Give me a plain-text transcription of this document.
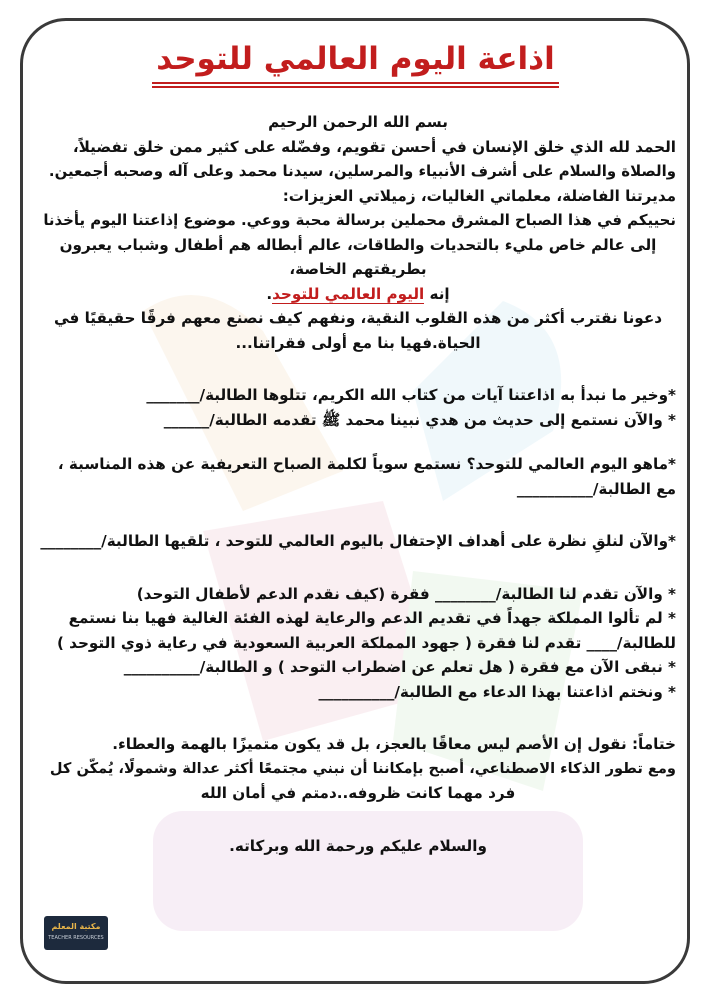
اذاعة اليوم العالمي للتوحد
بسم الله الرحمن الرحيم
الحمد لله الذي خلق الإنسان في أحسن تقويم، وفضّله على كثير ممن خلق تفضيلاً،
والصلاة والسلام على أشرف الأنبياء والمرسلين، سيدنا محمد وعلى آله وصحبه أجمعين.
مديرتنا الفاضلة، معلماتي الغاليات، زميلاتي العزيزات:
نحييكم في هذا الصباح المشرق محملين برسالة محبة ووعي. موضوع إذاعتنا اليوم يأخذنا
إلى عالم خاص مليء بالتحديات والطاقات، عالم أبطاله هم أطفال وشباب يعبرون
بطريقتهم الخاصة،
إنه اليوم العالمي للتوحد.
دعونا نقترب أكثر من هذه القلوب النقية، ونفهم كيف نصنع معهم فرقًا حقيقيًا في
الحياة.فهيا بنا مع أولى فقراتنا...
*وخير ما نبدأ به اذاعتنا آيات من كتاب الله الكريم، تتلوها الطالبة/_______
* والآن نستمع إلى حديث من هدي نبينا محمد ﷺ تقدمه الطالبة/______
*ماهو اليوم العالمي للتوحد؟ نستمع سوياً لكلمة الصباح التعريفية عن هذه المناسبة ،
مع الطالبة/__________
*والآن لنلقِ نظرة على أهداف الإحتفال باليوم العالمي للتوحد ، تلقيها الطالبة/________
* والآن تقدم لنا الطالبة/________ فقرة (كيف نقدم الدعم لأطفال التوحد)
* لم تألوا المملكة جهداً في تقديم الدعم والرعاية لهذه الفئة الغالية فهيا بنا نستمع
للطالبة/____ تقدم لنا فقرة ( جهود المملكة العربية السعودية في رعاية ذوي التوحد )
* نبقى الآن مع فقرة ( هل تعلم عن اضطراب التوحد ) و الطالبة/__________
* ونختم اذاعتنا بهذا الدعاء مع الطالبة/__________
ختاماً: نقول إن الأصم ليس معاقًا بالعجز، بل قد يكون متميزًا بالهمة والعطاء.
ومع تطور الذكاء الاصطناعي، أصبح بإمكاننا أن نبني مجتمعًا أكثر عدالة وشمولًا، يُمكّن كل
فرد مهما كانت ظروفه..دمتم في أمان الله
والسلام عليكم ورحمة الله وبركاته.
مكتبة المعلم
TEACHER RESOURCES
